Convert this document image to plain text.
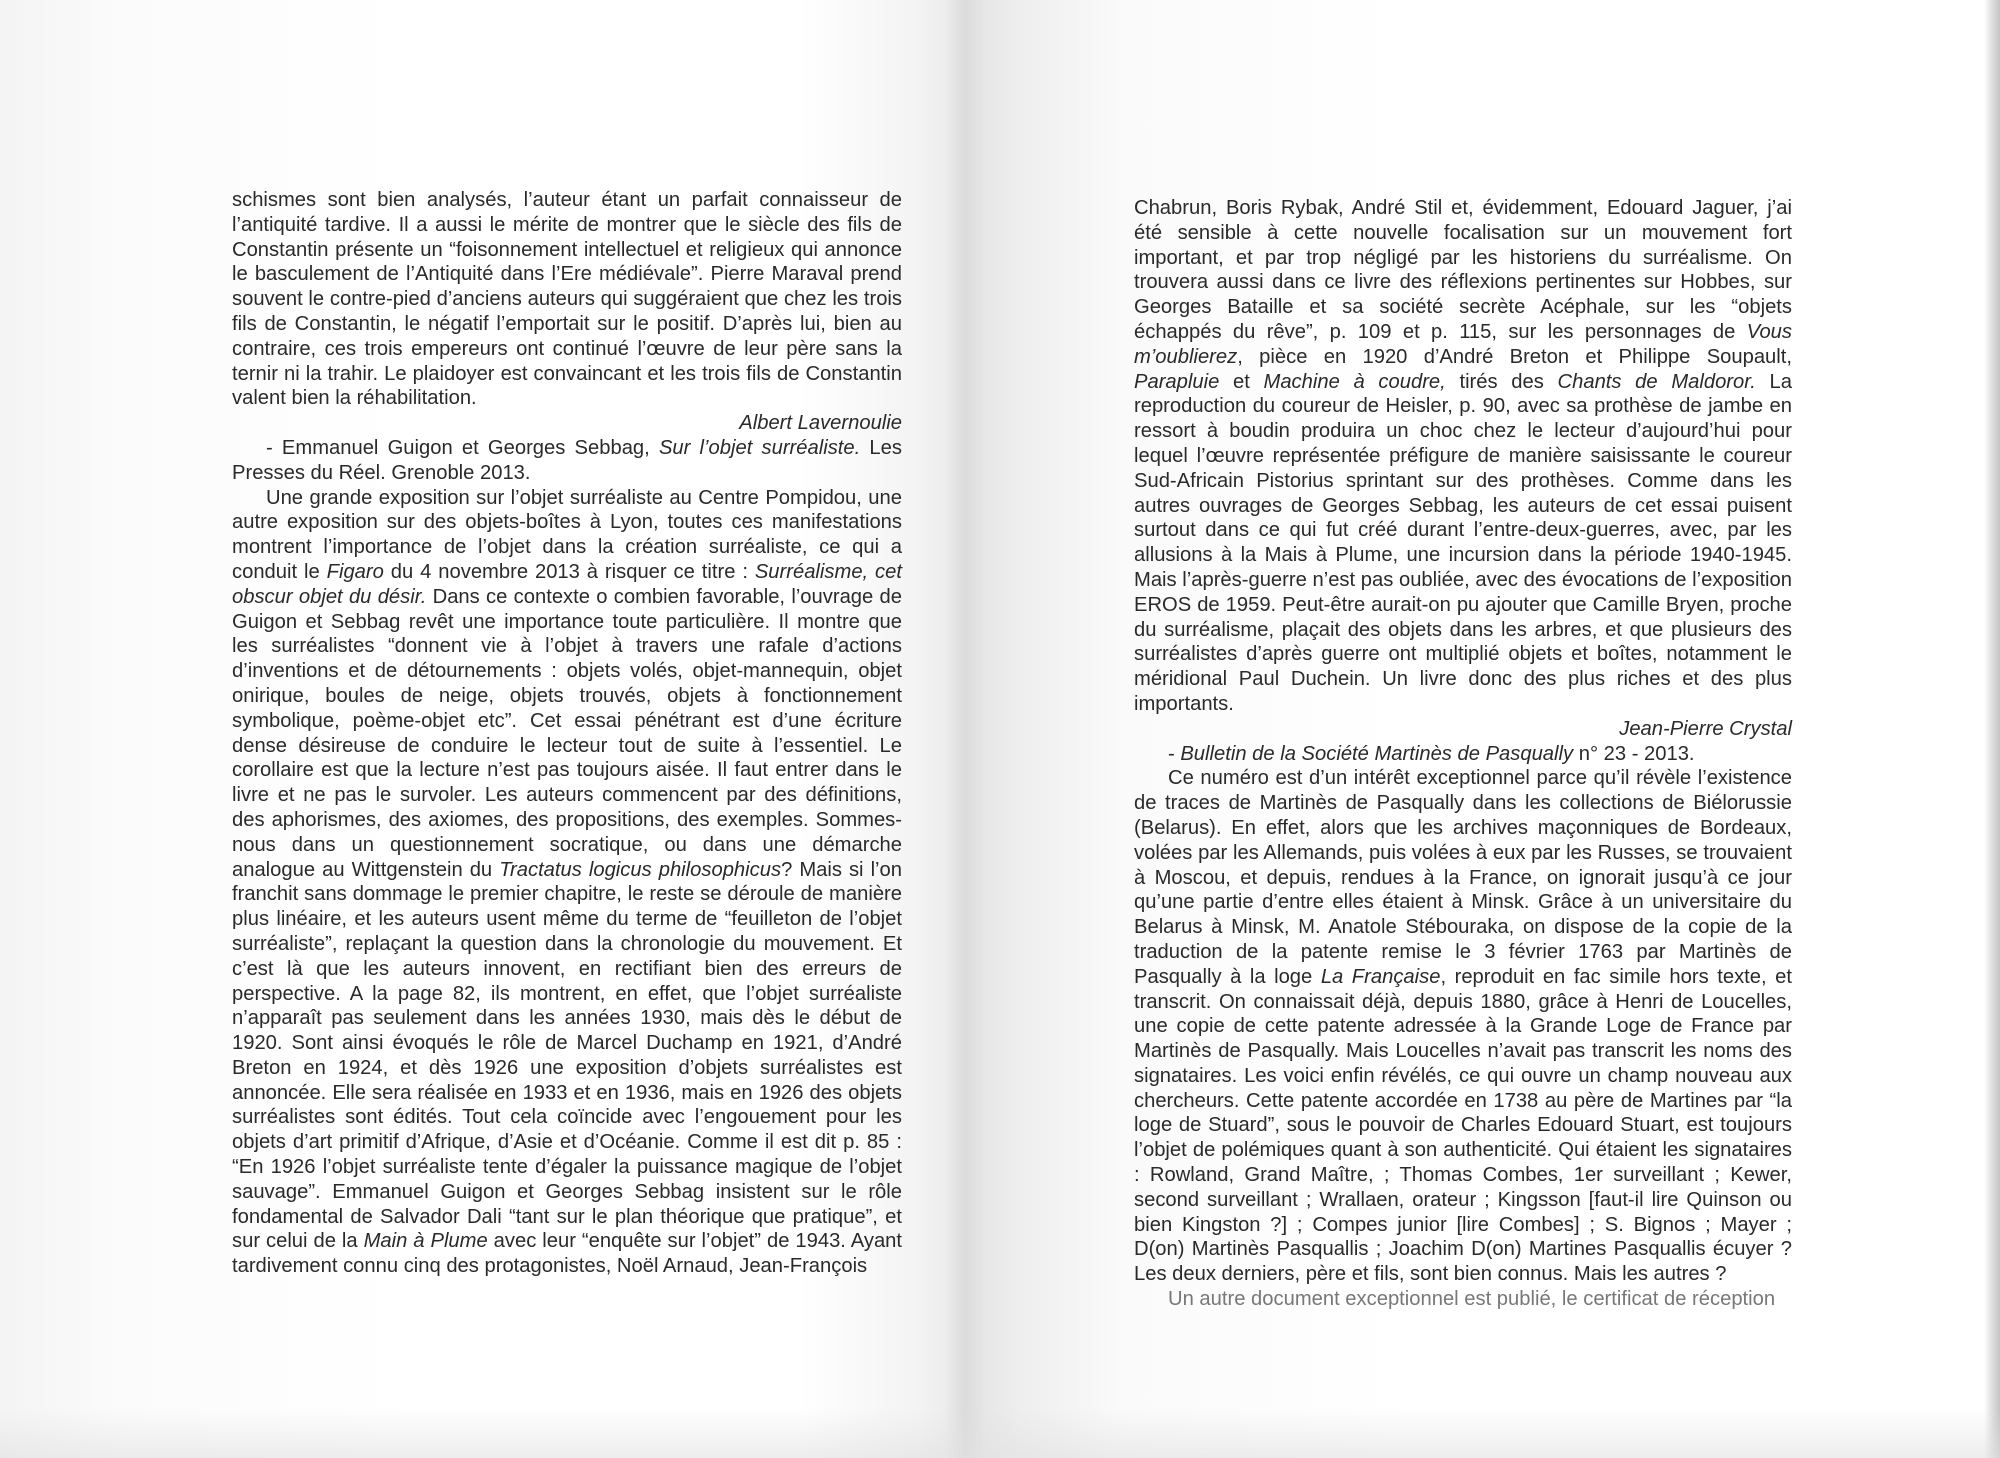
schismes sont bien analysés, l’auteur étant un parfait connaisseur de l’antiquité tardive. Il a aussi le mérite de montrer que le siècle des fils de Constantin présente un “foisonnement intellectuel et religieux qui annonce le basculement de l’Antiquité dans l’Ere médiévale”. Pierre Maraval prend souvent le contre-pied d’anciens auteurs qui suggéraient que chez les trois fils de Constantin, le négatif l’emportait sur le positif. D’après lui, bien au contraire, ces trois empereurs ont continué l’œuvre de leur père sans la ternir ni la trahir. Le plaidoyer est convaincant et les trois fils de Constantin valent bien la réhabilitation.

Albert Lavernoulie

- Emmanuel Guigon et Georges Sebbag, Sur l’objet surréaliste. Les Presses du Réel. Grenoble 2013.

Une grande exposition sur l’objet surréaliste au Centre Pompidou, une autre exposition sur des objets-boîtes à Lyon, toutes ces manifestations montrent l’importance de l’objet dans la création surréaliste, ce qui a conduit le Figaro du 4 novembre 2013 à risquer ce titre : Surréalisme, cet obscur objet du désir. Dans ce contexte o combien favorable, l’ouvrage de Guigon et Sebbag revêt une importance toute particulière. Il montre que les surréalistes “donnent vie à l’objet à travers une rafale d’actions d’inventions et de détournements : objets volés, objet-mannequin, objet onirique, boules de neige, objets trouvés, objets à fonctionnement symbolique, poème-objet etc”. Cet essai pénétrant est d’une écriture dense désireuse de conduire le lecteur tout de suite à l’essentiel. Le corollaire est que la lecture n’est pas toujours aisée. Il faut entrer dans le livre et ne pas le survoler. Les auteurs commencent par des définitions, des aphorismes, des axiomes, des propositions, des exemples. Sommes-nous dans un questionnement socratique, ou dans une démarche analogue au Wittgenstein du Tractatus logicus philosophicus? Mais si l’on franchit sans dommage le premier chapitre, le reste se déroule de manière plus linéaire, et les auteurs usent même du terme de “feuilleton de l’objet surréaliste”, replaçant la question dans la chronologie du mouvement. Et c’est là que les auteurs innovent, en rectifiant bien des erreurs de perspective. A la page 82, ils montrent, en effet, que l’objet surréaliste n’apparaît pas seulement dans les années 1930, mais dès le début de 1920. Sont ainsi évoqués le rôle de Marcel Duchamp en 1921, d’André Breton en 1924, et dès 1926 une exposition d’objets surréalistes est annoncée. Elle sera réalisée en 1933 et en 1936, mais en 1926 des objets surréalistes sont édités. Tout cela coïncide avec l’engouement pour les objets d’art primitif d’Afrique, d’Asie et d’Océanie. Comme il est dit p. 85 : “En 1926 l’objet surréaliste tente d’égaler la puissance magique de l’objet sauvage”. Emmanuel Guigon et Georges Sebbag insistent sur le rôle fondamental de Salvador Dali “tant sur le plan théorique que pratique”, et sur celui de la Main à Plume avec leur “enquête sur l’objet” de 1943. Ayant tardivement connu cinq des protagonistes, Noël Arnaud, Jean-François

Chabrun, Boris Rybak, André Stil et, évidemment, Edouard Jaguer, j’ai été sensible à cette nouvelle focalisation sur un mouvement fort important, et par trop négligé par les historiens du surréalisme. On trouvera aussi dans ce livre des réflexions pertinentes sur Hobbes, sur Georges Bataille et sa société secrète Acéphale, sur les “objets échappés du rêve”, p. 109 et p. 115, sur les personnages de Vous m’oublierez, pièce en 1920 d’André Breton et Philippe Soupault, Parapluie et Machine à coudre, tirés des Chants de Maldoror. La reproduction du coureur de Heisler, p. 90, avec sa prothèse de jambe en ressort à boudin produira un choc chez le lecteur d’aujourd’hui pour lequel l’œuvre représentée préfigure de manière saisissante le coureur Sud-Africain Pistorius sprintant sur des prothèses. Comme dans les autres ouvrages de Georges Sebbag, les auteurs de cet essai puisent surtout dans ce qui fut créé durant l’entre-deux-guerres, avec, par les allusions à la Mais à Plume, une incursion dans la période 1940-1945. Mais l’après-guerre n’est pas oubliée, avec des évocations de l’exposition EROS de 1959. Peut-être aurait-on pu ajouter que Camille Bryen, proche du surréalisme, plaçait des objets dans les arbres, et que plusieurs des surréalistes d’après guerre ont multiplié objets et boîtes, notamment le méridional Paul Duchein. Un livre donc des plus riches et des plus importants.

Jean-Pierre Crystal

- Bulletin de la Société Martinès de Pasqually n° 23 - 2013.

Ce numéro est d’un intérêt exceptionnel parce qu’il révèle l’existence de traces de Martinès de Pasqually dans les collections de Biélorussie (Belarus). En effet, alors que les archives maçonniques de Bordeaux, volées par les Allemands, puis volées à eux par les Russes, se trouvaient à Moscou, et depuis, rendues à la France, on ignorait jusqu’à ce jour qu’une partie d’entre elles étaient à Minsk. Grâce à un universitaire du Belarus à Minsk, M. Anatole Stébouraka, on dispose de la copie de la traduction de la patente remise le 3 février 1763 par Martinès de Pasqually à la loge La Française, reproduit en fac simile hors texte, et transcrit. On connaissait déjà, depuis 1880, grâce à Henri de Loucelles, une copie de cette patente adressée à la Grande Loge de France par Martinès de Pasqually. Mais Loucelles n’avait pas transcrit les noms des signataires. Les voici enfin révélés, ce qui ouvre un champ nouveau aux chercheurs. Cette patente accordée en 1738 au père de Martines par “la loge de Stuard”, sous le pouvoir de Charles Edouard Stuart, est toujours l’objet de polémiques quant à son authenticité. Qui étaient les signataires : Rowland, Grand Maître, ; Thomas Combes, 1er surveillant ; Kewer, second surveillant ; Wrallaen, orateur ; Kingsson [faut-il lire Quinson ou bien Kingston ?] ; Compes junior [lire Combes] ; S. Bignos ; Mayer ; D(on) Martinès Pasquallis ; Joachim D(on) Martines Pasquallis écuyer ? Les deux derniers, père et fils, sont bien connus. Mais les autres ?

Un autre document exceptionnel est publié, le certificat de réception
